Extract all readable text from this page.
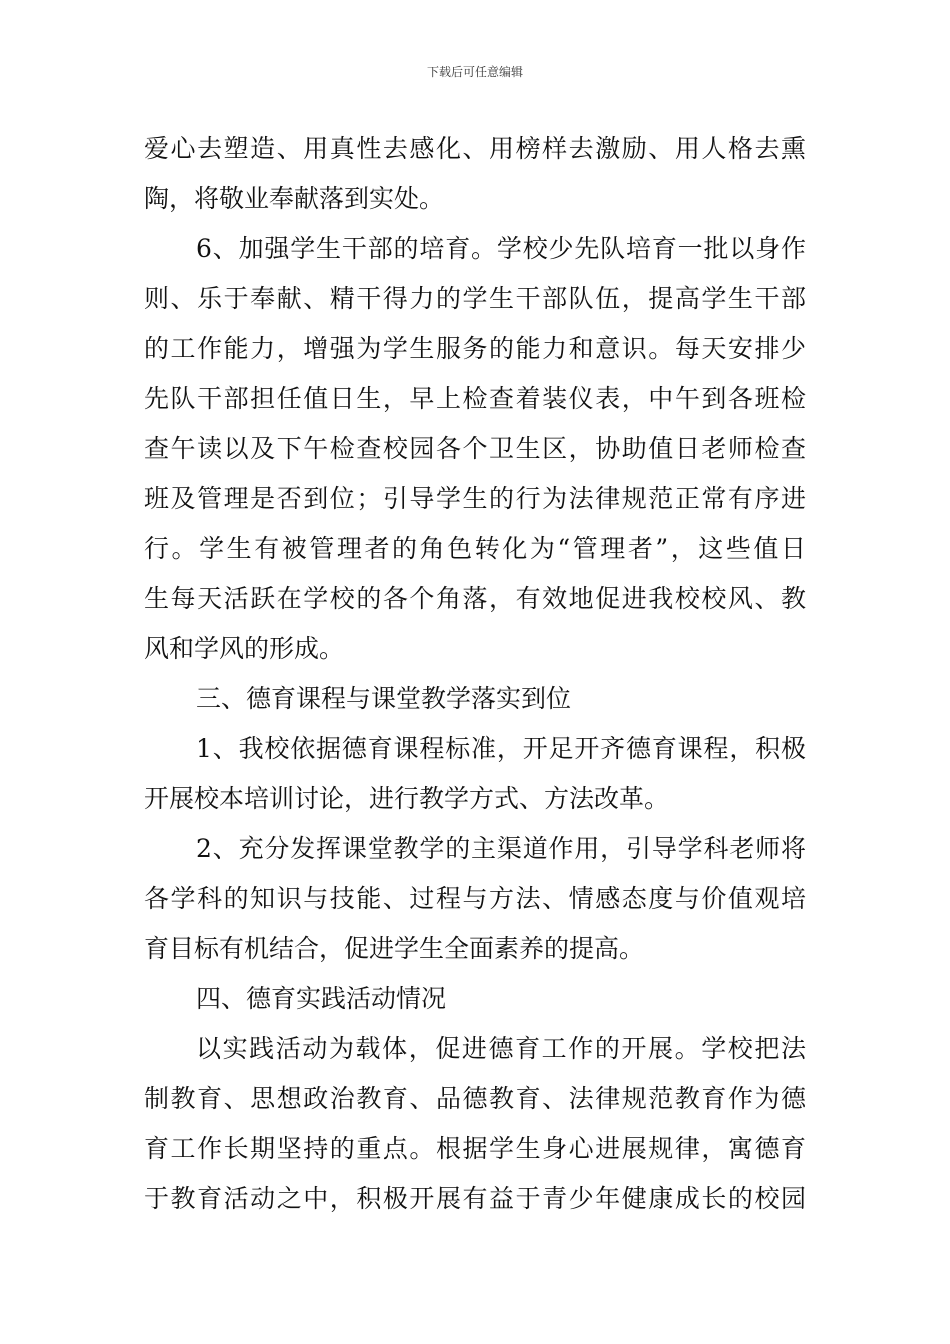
下载后可任意编辑
爱心去塑造、用真性去感化、用榜样去激励、用人格去熏
陶，将敬业奉献落到实处。
6、加强学生干部的培育。学校少先队培育一批以身作
则、乐于奉献、精干得力的学生干部队伍，提高学生干部
的工作能力，增强为学生服务的能力和意识。每天安排少
先队干部担任值日生，早上检查着装仪表，中午到各班检
查午读以及下午检查校园各个卫生区，协助值日老师检查
班及管理是否到位；引导学生的行为法律规范正常有序进
行。学生有被管理者的角色转化为“管理者”，这些值日
生每天活跃在学校的各个角落，有效地促进我校校风、教
风和学风的形成。
三、德育课程与课堂教学落实到位
1、我校依据德育课程标准，开足开齐德育课程，积极
开展校本培训讨论，进行教学方式、方法改革。
2、充分发挥课堂教学的主渠道作用，引导学科老师将
各学科的知识与技能、过程与方法、情感态度与价值观培
育目标有机结合，促进学生全面素养的提高。
四、德育实践活动情况
以实践活动为载体，促进德育工作的开展。学校把法
制教育、思想政治教育、品德教育、法律规范教育作为德
育工作长期坚持的重点。根据学生身心进展规律，寓德育
于教育活动之中，积极开展有益于青少年健康成长的校园
